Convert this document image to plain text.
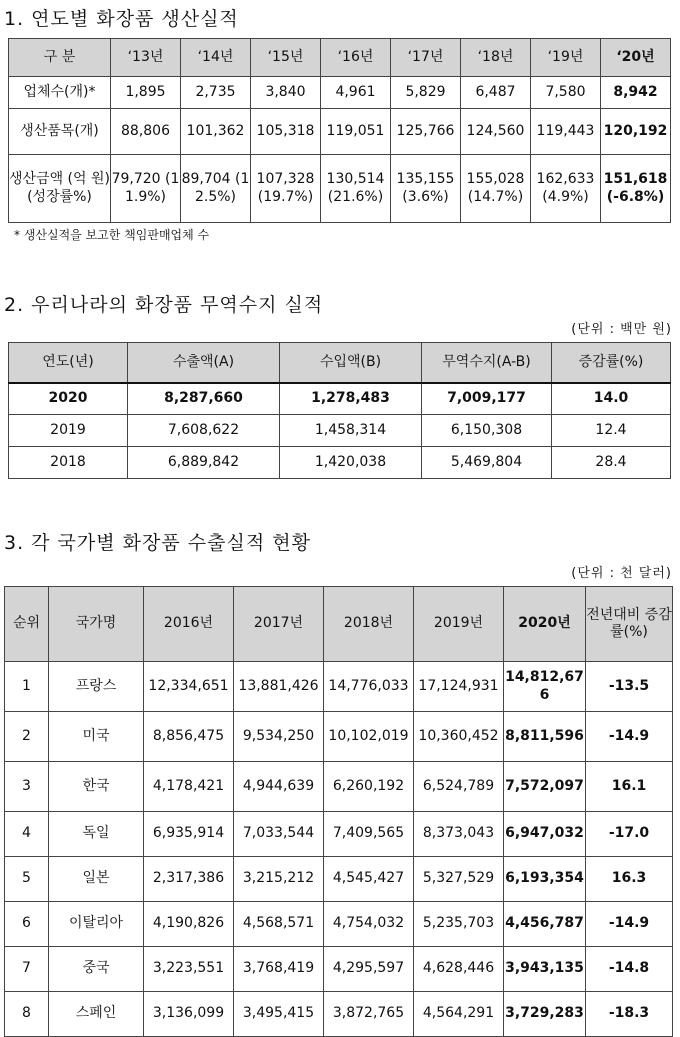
1. 연도별 화장품 생산실적
구 분	‘13년	‘14년	‘15년	‘16년	‘17년	‘18년	‘19년	‘20년
업체수(개)*	1,895	2,735	3,840	4,961	5,829	6,487	7,580	8,942
생산품목(개)	88,806	101,362	105,318	119,051	125,766	124,560	119,443	120,192
생산금액 (억 원) (성장률%)	79,720 (11.9%)	89,704 (12.5%)	107,328 (19.7%)	130,514 (21.6%)	135,155 (3.6%)	155,028 (14.7%)	162,633 (4.9%)	151,618 (-6.8%)
* 생산실적을 보고한 책임판매업체 수
2. 우리나라의 화장품 무역수지 실적
(단위 : 백만 원)
연도(년)	수출액(A)	수입액(B)	무역수지(A-B)	증감률(%)
2020	8,287,660	1,278,483	7,009,177	14.0
2019	7,608,622	1,458,314	6,150,308	12.4
2018	6,889,842	1,420,038	5,469,804	28.4
3. 각 국가별 화장품 수출실적 현황
(단위 : 천 달러)
순위	국가명	2016년	2017년	2018년	2019년	2020년	전년대비 증감률(%)
1	프랑스	12,334,651	13,881,426	14,776,033	17,124,931	14,812,676	-13.5
2	미국	8,856,475	9,534,250	10,102,019	10,360,452	8,811,596	-14.9
3	한국	4,178,421	4,944,639	6,260,192	6,524,789	7,572,097	16.1
4	독일	6,935,914	7,033,544	7,409,565	8,373,043	6,947,032	-17.0
5	일본	2,317,386	3,215,212	4,545,427	5,327,529	6,193,354	16.3
6	이탈리아	4,190,826	4,568,571	4,754,032	5,235,703	4,456,787	-14.9
7	중국	3,223,551	3,768,419	4,295,597	4,628,446	3,943,135	-14.8
8	스페인	3,136,099	3,495,415	3,872,765	4,564,291	3,729,283	-18.3
